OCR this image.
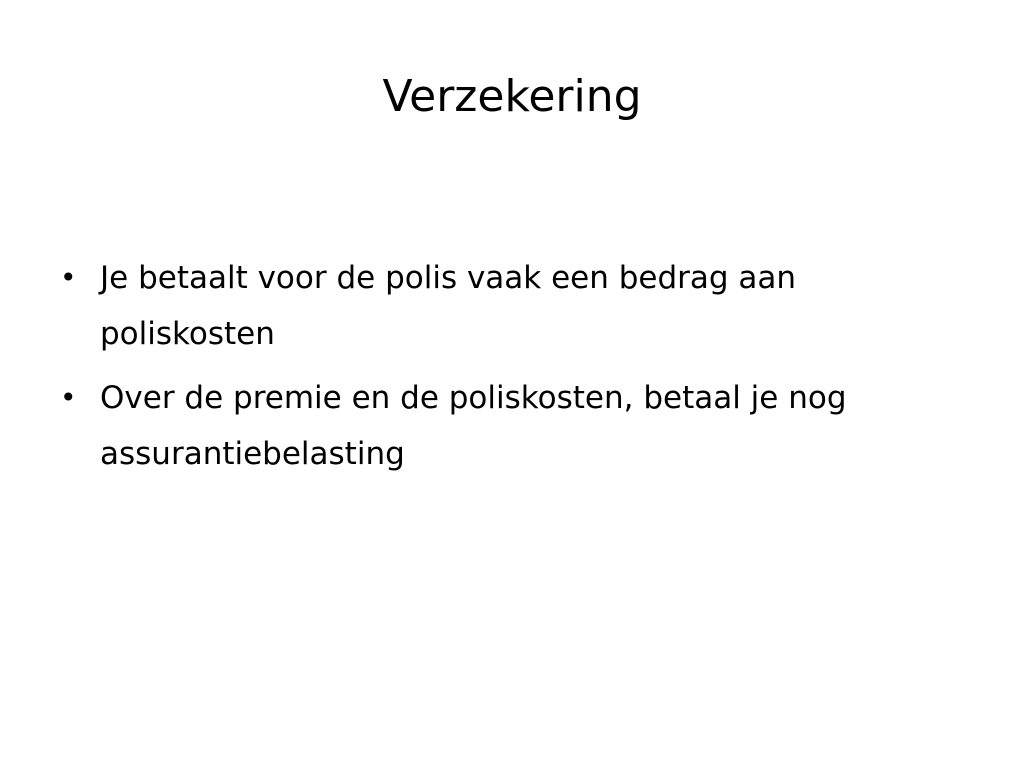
Verzekering
• Je betaalt voor de polis vaak een bedrag aan poliskosten
• Over de premie en de poliskosten, betaal je nog assurantiebelasting
